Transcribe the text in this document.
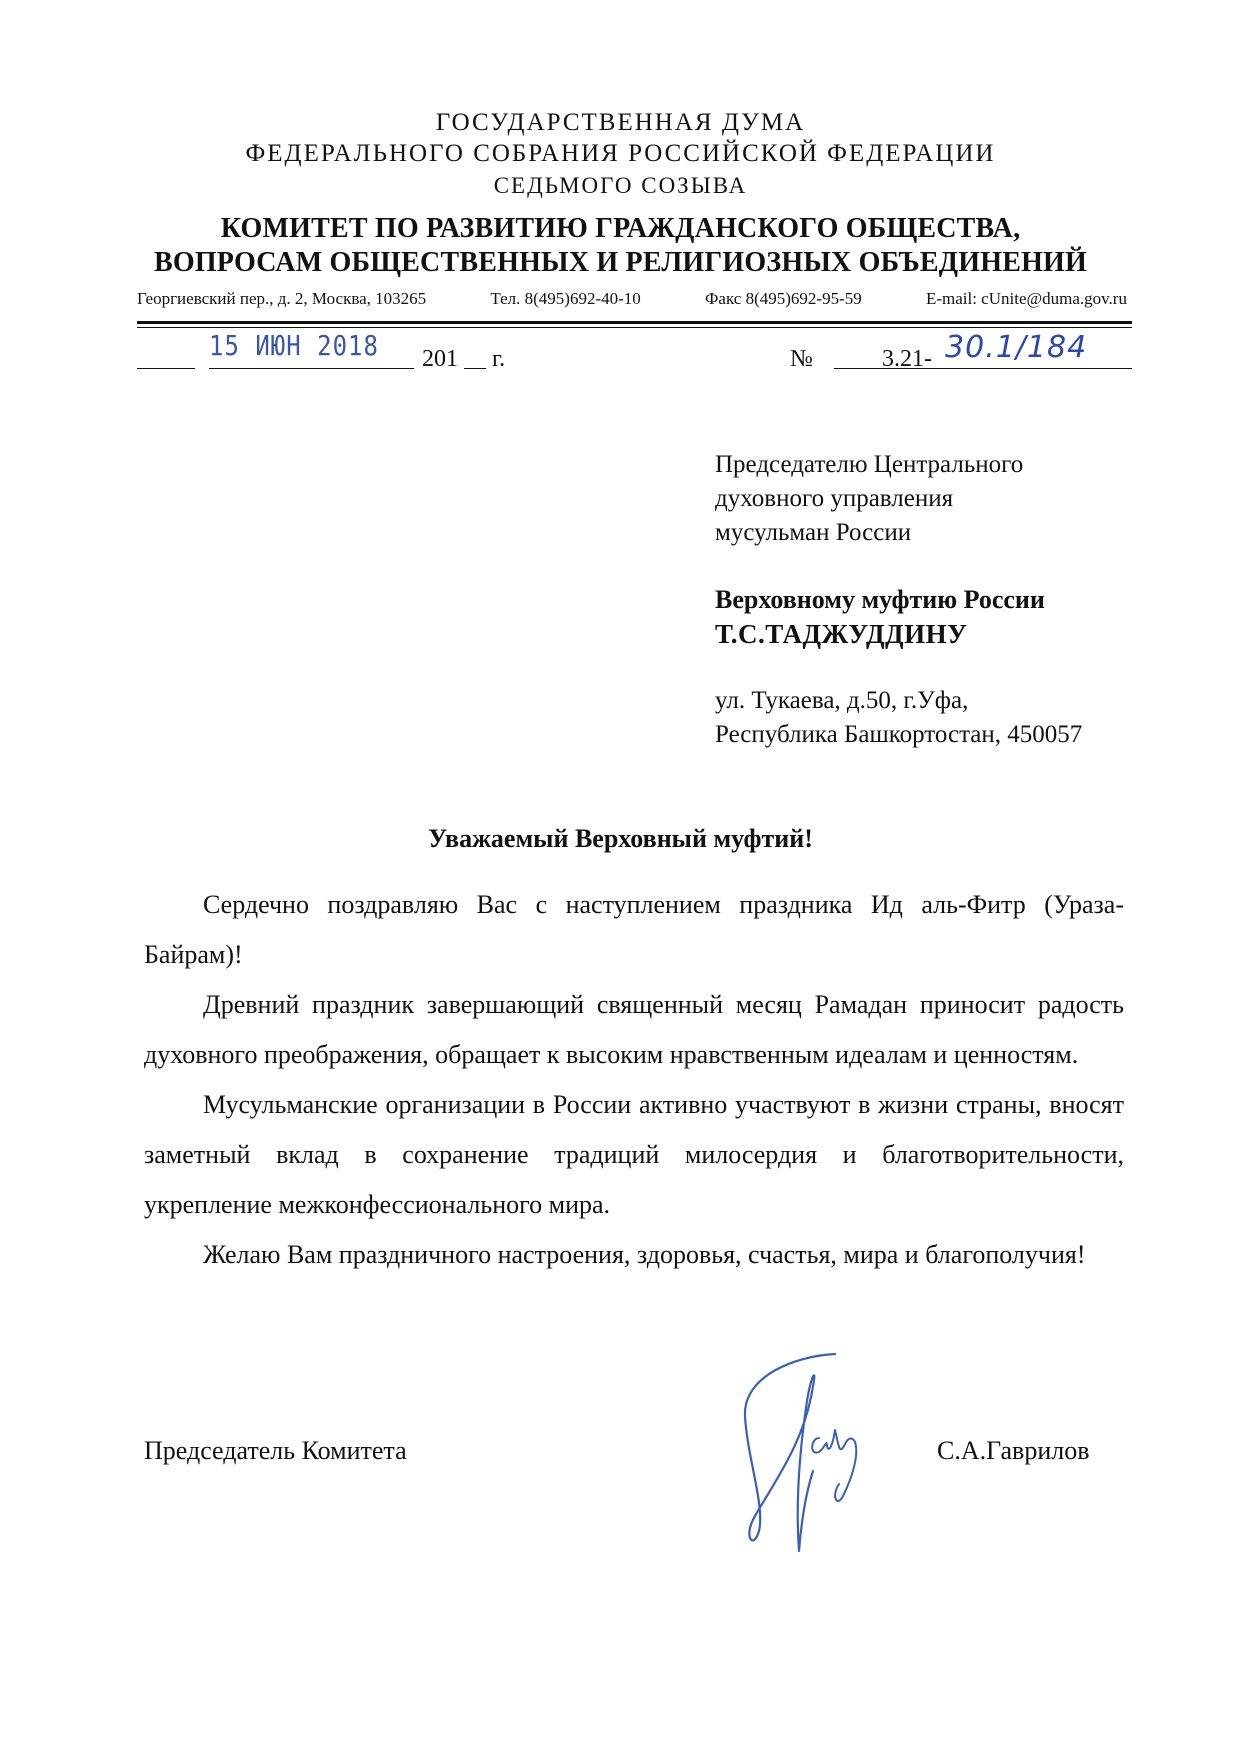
ГОСУДАРСТВЕННАЯ ДУМА
ФЕДЕРАЛЬНОГО СОБРАНИЯ РОССИЙСКОЙ ФЕДЕРАЦИИ
СЕДЬМОГО СОЗЫВА
КОМИТЕТ ПО РАЗВИТИЮ ГРАЖДАНСКОГО ОБЩЕСТВА,
ВОПРОСАМ ОБЩЕСТВЕННЫХ И РЕЛИГИОЗНЫХ ОБЪЕДИНЕНИЙ
Георгиевский пер., д. 2, Москва, 103265	Тел. 8(495)692-40-10	Факс 8(495)692-95-59	E-mail: cUnite@duma.gov.ru
15 ИЮН 2018 201 г.	№	3.21- 30.1/184
Председателю Центрального
духовного управления
мусульман России
Верховному муфтию России
Т.С.ТАДЖУДДИНУ
ул. Тукаева, д.50, г.Уфа,
Республика Башкортостан, 450057
Уважаемый Верховный муфтий!

Сердечно поздравляю Вас с наступлением праздника Ид аль-Фитр (Ураза-Байрам)!

Древний праздник завершающий священный месяц Рамадан приносит радость духовного преображения, обращает к высоким нравственным идеалам и ценностям.

Мусульманские организации в России активно участвуют в жизни страны, вносят заметный вклад в сохранение традиций милосердия и благотворительности, укрепление межконфессионального мира.

Желаю Вам праздничного настроения, здоровья, счастья, мира и благополучия!

Председатель Комитета	С.А.Гаврилов
